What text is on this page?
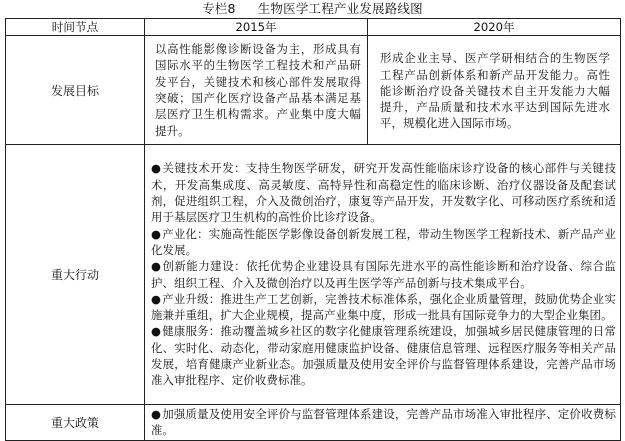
专栏8 生物医学工程产业发展路线图
时间节点	2015年	2020年
发展目标	以高性能影像诊断设备为主，形成具有国际水平的生物医学工程技术和产品研发平台，关键技术和核心部件发展取得突破；国产化医疗设备产品基本满足基层医疗卫生机构需求。产业集中度大幅提升。	形成企业主导、医产学研相结合的生物医学工程产品创新体系和新产品开发能力。高性能诊断治疗设备关键技术自主开发能力大幅提升，产品质量和技术水平达到国际先进水平，规模化进入国际市场。

重大行动	●关键技术开发：支持生物医学研发，研究开发高性能临床诊疗设备的核心部件与关键技术，开发高集成度、高灵敏度、高特异性和高稳定性的临床诊断、治疗仪器设备及配套试剂，促进组织工程，介入及微创治疗，康复等产品开发，开发数字化、可移动医疗系统和适用于基层医疗卫生机构的高性价比诊疗设备。
●产业化：实施高性能医学影像设备创新发展工程，带动生物医学工程新技术、新产品产业化发展。
●创新能力建设：依托优势企业建设具有国际先进水平的高性能诊断和治疗设备、综合监护、组织工程、介入及微创治疗以及再生医学等产品创新与技术集成平台。
●产业升级：推进生产工艺创新，完善技术标准体系，强化企业质量管理，鼓励优势企业实施兼并重组，扩大企业规模，提高产业集中度，形成一批具有国际竞争力的大型企业集团。
●健康服务：推动覆盖城乡社区的数字化健康管理系统建设，加强城乡居民健康管理的日常化、实时化、动态化，带动家庭用健康监护设备、健康信息管理、远程医疗服务等相关产品发展，培育健康产业新业态。加强质量及使用安全评价与监督管理体系建设，完善产品市场准入审批程序、定价收费标准。	

重大政策	●加强质量及使用安全评价与监督管理体系建设，完善产品市场准入审批程序、定价收费标准。	
